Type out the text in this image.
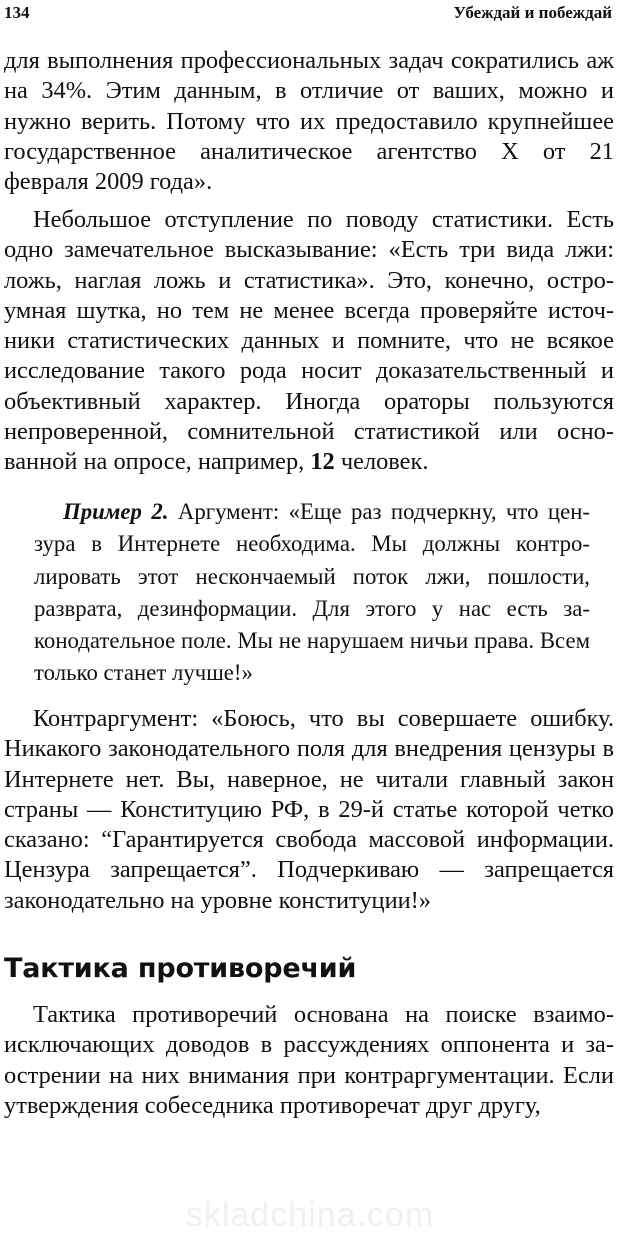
134	Убеждай и побеждай

для выполнения профессиональных задач сократились аж на 34%. Этим данным, в отличие от ваших, можно и нужно верить. Потому что их предоставило крупнейшее государственное аналитическое агентство X от 21 февраля 2009 года».

Небольшое отступление по поводу статистики. Есть одно замечательное высказывание: «Есть три вида лжи: ложь, наглая ложь и статистика». Это, конечно, остроумная шутка, но тем не менее всегда проверяйте источники статистических данных и помните, что не всякое исследование такого рода носит доказательственный и объективный характер. Иногда ораторы пользуются непроверенной, сомнительной статистикой или основанной на опросе, например, 12 человек.

Пример 2. Аргумент: «Еще раз подчеркну, что цензура в Интернете необходима. Мы должны контролировать этот нескончаемый поток лжи, пошлости, разврата, дезинформации. Для этого у нас есть законодательное поле. Мы не нарушаем ничьи права. Всем только станет лучше!»

Контраргумент: «Боюсь, что вы совершаете ошибку. Никакого законодательного поля для внедрения цензуры в Интернете нет. Вы, наверное, не читали главный закон страны — Конституцию РФ, в 29-й статье которой четко сказано: “Гарантируется свобода массовой информации. Цензура запрещается”. Подчеркиваю — запрещается законодательно на уровне конституции!»

Тактика противоречий

Тактика противоречий основана на поиске взаимоисключающих доводов в рассуждениях оппонента и заострении на них внимания при контраргументации. Если утверждения собеседника противоречат друг другу,

skladchina.com
